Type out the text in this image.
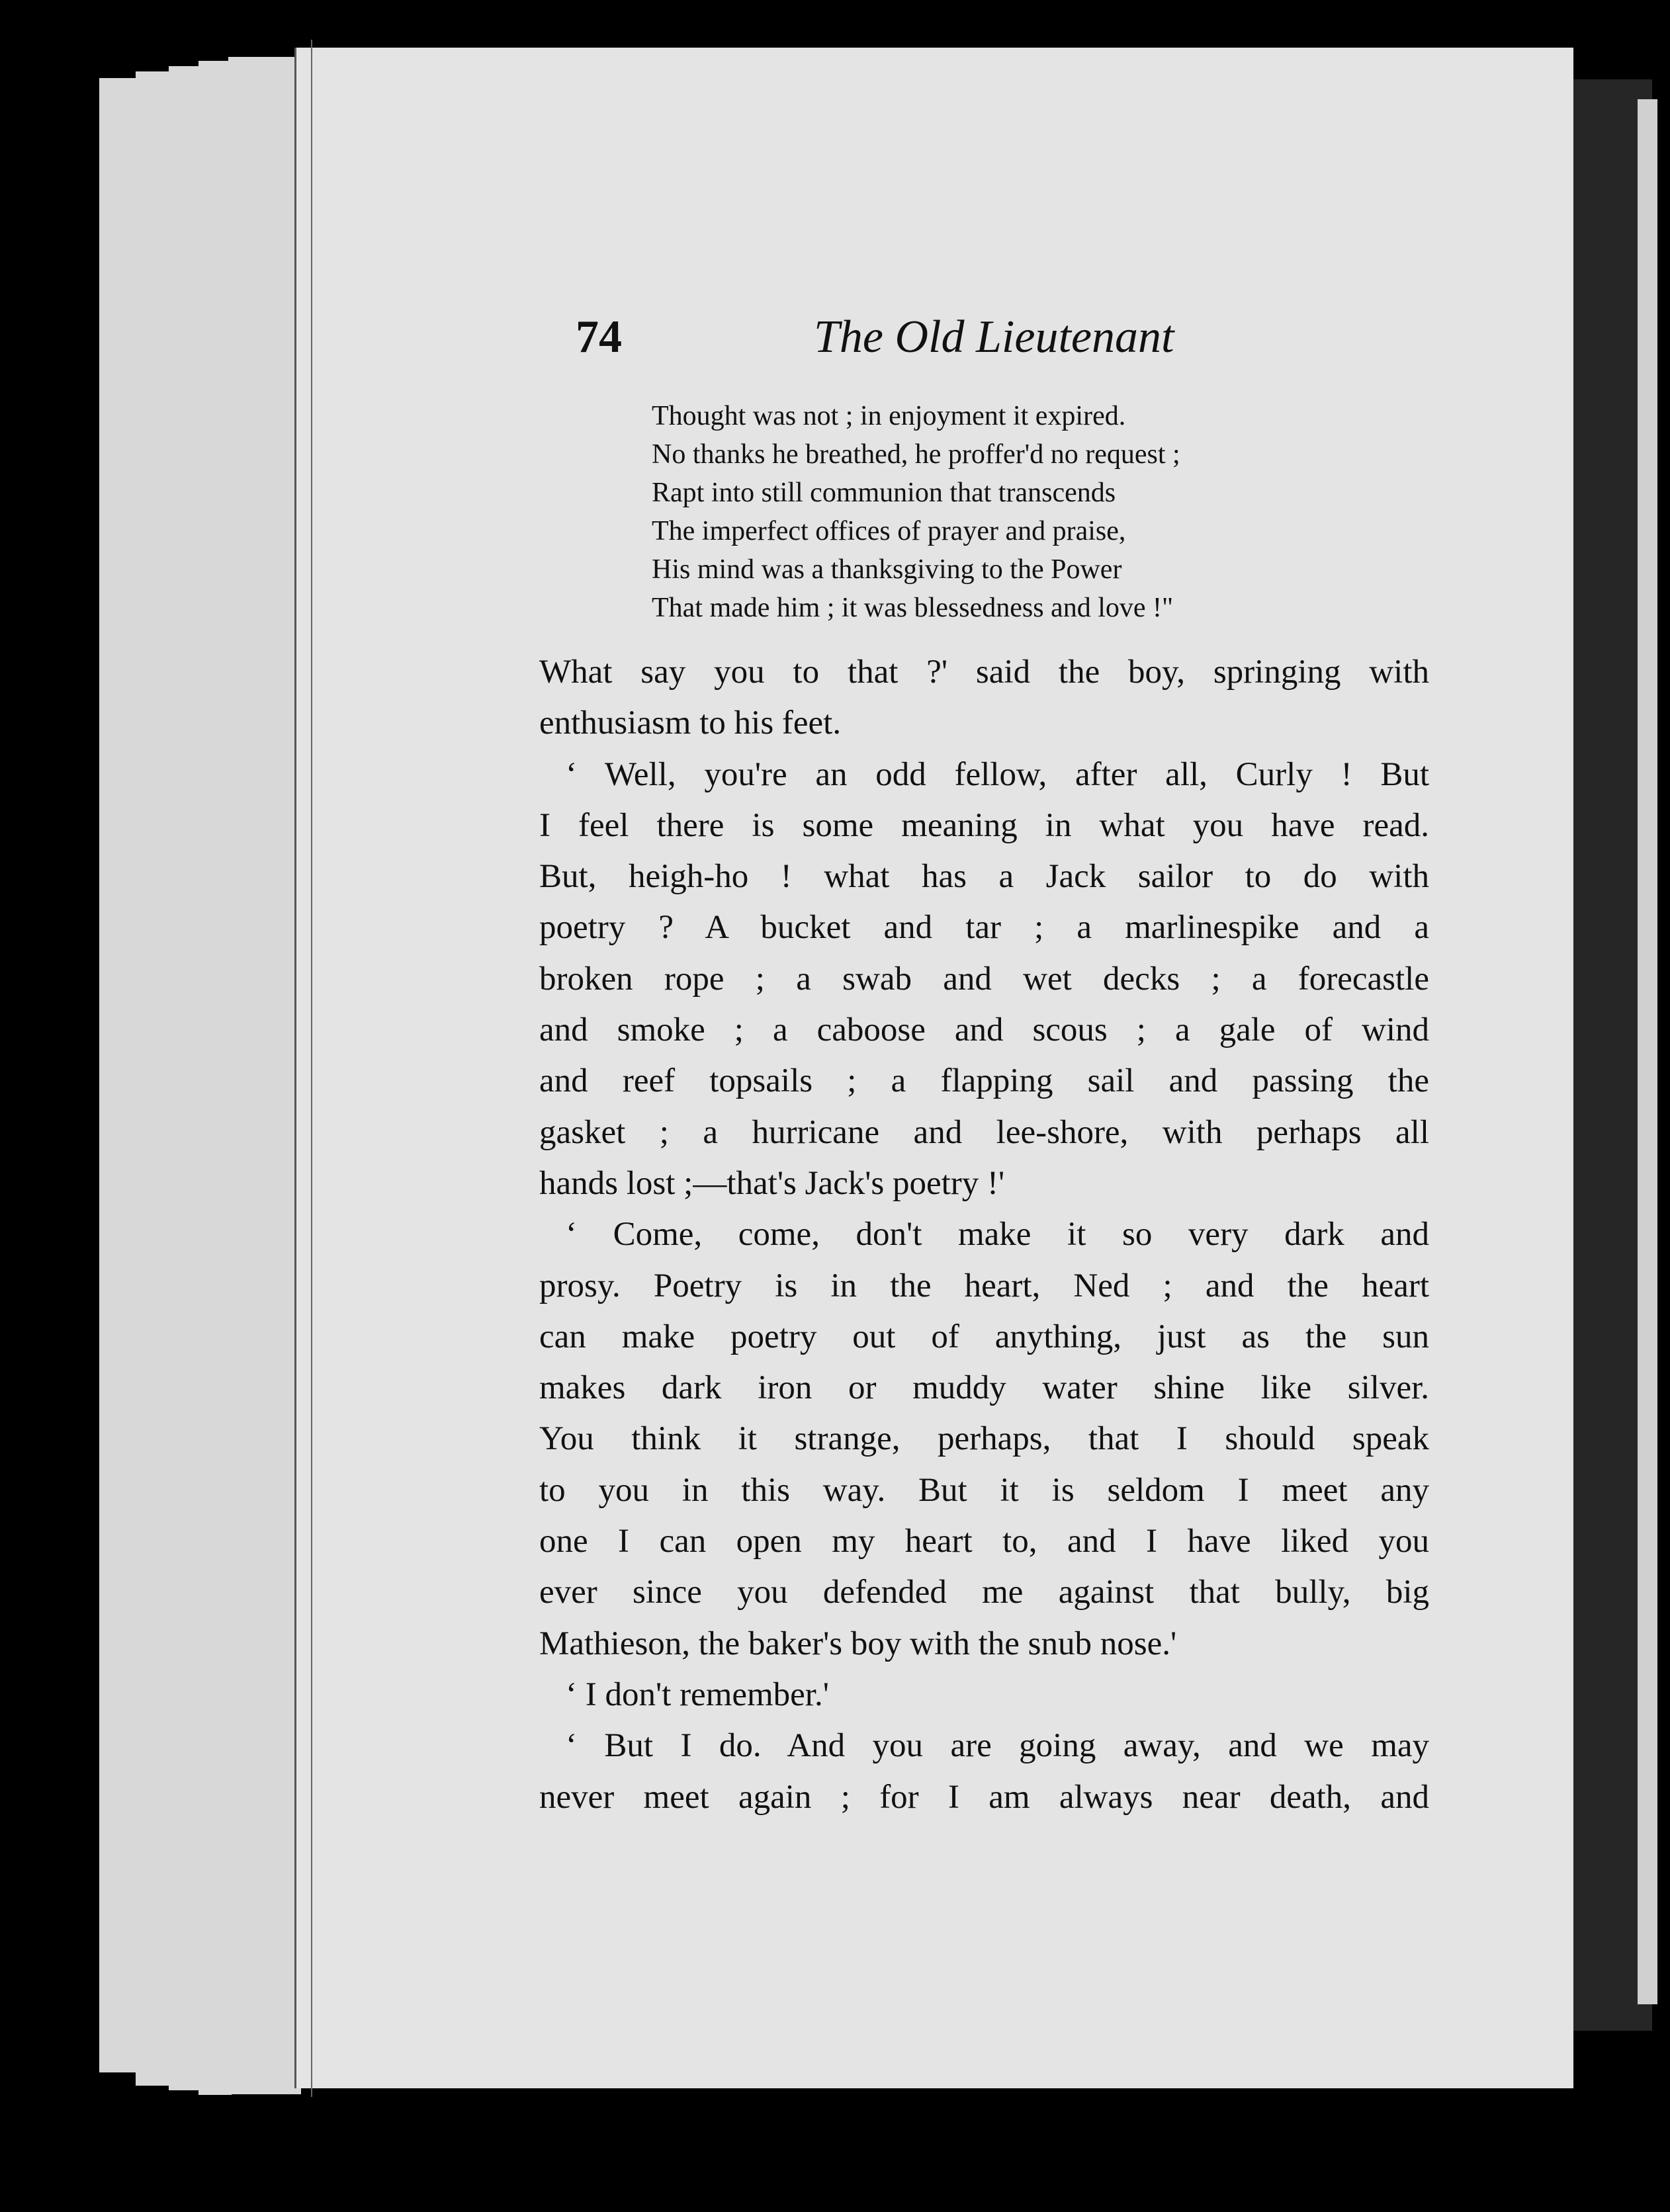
74	The Old Lieutenant
Thought was not ; in enjoyment it expired.
No thanks he breathed, he proffer'd no request ;
Rapt into still communion that transcends
The imperfect offices of prayer and praise,
His mind was a thanksgiving to the Power
That made him ; it was blessedness and love !"
What say you to that ?' said the boy, springing with
enthusiasm to his feet.
‘ Well, you're an odd fellow, after all, Curly ! But
I feel there is some meaning in what you have read.
But, heigh-ho ! what has a Jack sailor to do with
poetry ? A bucket and tar ; a marlinespike and a
broken rope ; a swab and wet decks ; a forecastle
and smoke ; a caboose and scous ; a gale of wind
and reef topsails ; a flapping sail and passing the
gasket ; a hurricane and lee-shore, with perhaps all
hands lost ;—that's Jack's poetry !'
‘ Come, come, don't make it so very dark and
prosy. Poetry is in the heart, Ned ; and the heart
can make poetry out of anything, just as the sun
makes dark iron or muddy water shine like silver.
You think it strange, perhaps, that I should speak
to you in this way. But it is seldom I meet any
one I can open my heart to, and I have liked you
ever since you defended me against that bully, big
Mathieson, the baker's boy with the snub nose.'
‘ I don't remember.'
‘ But I do. And you are going away, and we may
never meet again ; for I am always near death, and
